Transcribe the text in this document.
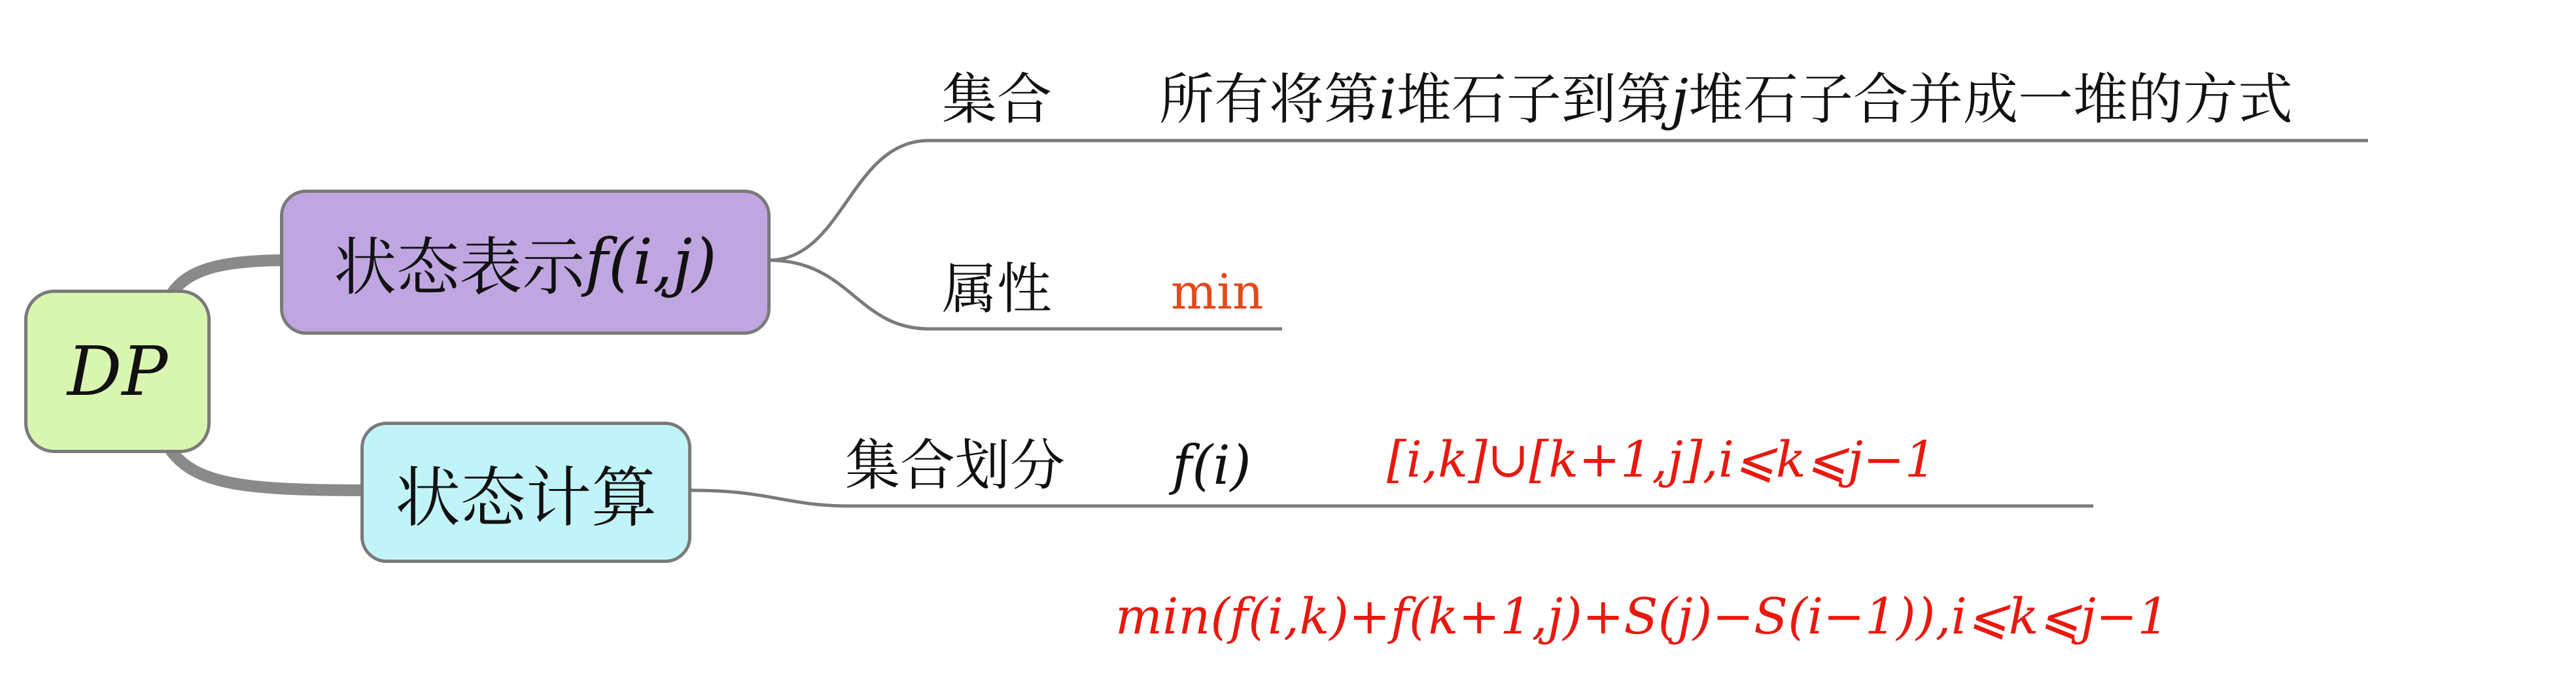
DP
状态表示 f(i,j)
状态计算
集合 所有将第i堆石子到第j堆石子合并成一堆的方式
属性 min
集合划分 f(i)	[i,k]∪[k+1,j],i⩽k⩽j−1
min(f(i,k)+f(k+1,j)+S(j)−S(i−1)),i⩽k⩽j−1
